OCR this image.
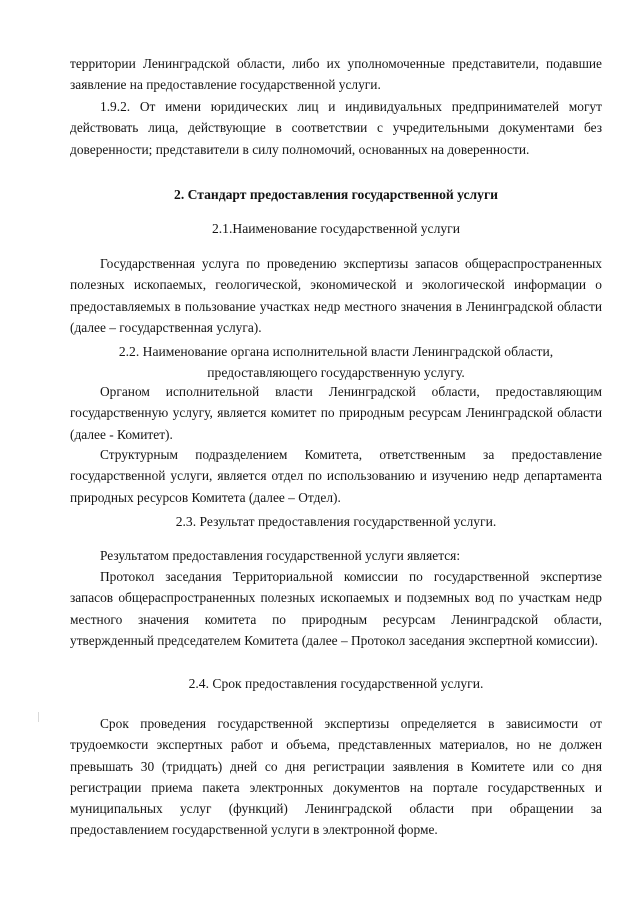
территории Ленинградской области, либо их уполномоченные представители, подавшие заявление на предоставление государственной услуги.

1.9.2. От имени юридических лиц и индивидуальных предпринимателей могут действовать лица, действующие в соответствии с учредительными документами без доверенности; представители в силу полномочий, основанных на доверенности.

2. Стандарт предоставления государственной услуги
2.1.Наименование государственной услуги

Государственная услуга по проведению экспертизы запасов общераспространенных полезных ископаемых, геологической, экономической и экологической информации о предоставляемых в пользование участках недр местного значения в Ленинградской области (далее – государственная услуга).

2.2. Наименование органа исполнительной власти Ленинградской области,
предоставляющего государственную услугу.

Органом исполнительной власти Ленинградской области, предоставляющим государственную услугу, является комитет по природным ресурсам Ленинградской области (далее - Комитет).

Структурным подразделением Комитета, ответственным за предоставление государственной услуги, является отдел по использованию и изучению недр департамента природных ресурсов Комитета (далее – Отдел).

2.3. Результат предоставления государственной услуги.

Результатом предоставления государственной услуги является:

Протокол заседания Территориальной комиссии по государственной экспертизе запасов общераспространенных полезных ископаемых и подземных вод по участкам недр местного значения комитета по природным ресурсам Ленинградской области, утвержденный председателем Комитета (далее – Протокол заседания экспертной комиссии).

2.4. Срок предоставления государственной услуги.

Срок проведения государственной экспертизы определяется в зависимости от трудоемкости экспертных работ и объема, представленных материалов, но не должен превышать 30 (тридцать) дней со дня регистрации заявления в Комитете или со дня регистрации приема пакета электронных документов на портале государственных и муниципальных услуг (функций) Ленинградской области при обращении за предоставлением государственной услуги в электронной форме.
